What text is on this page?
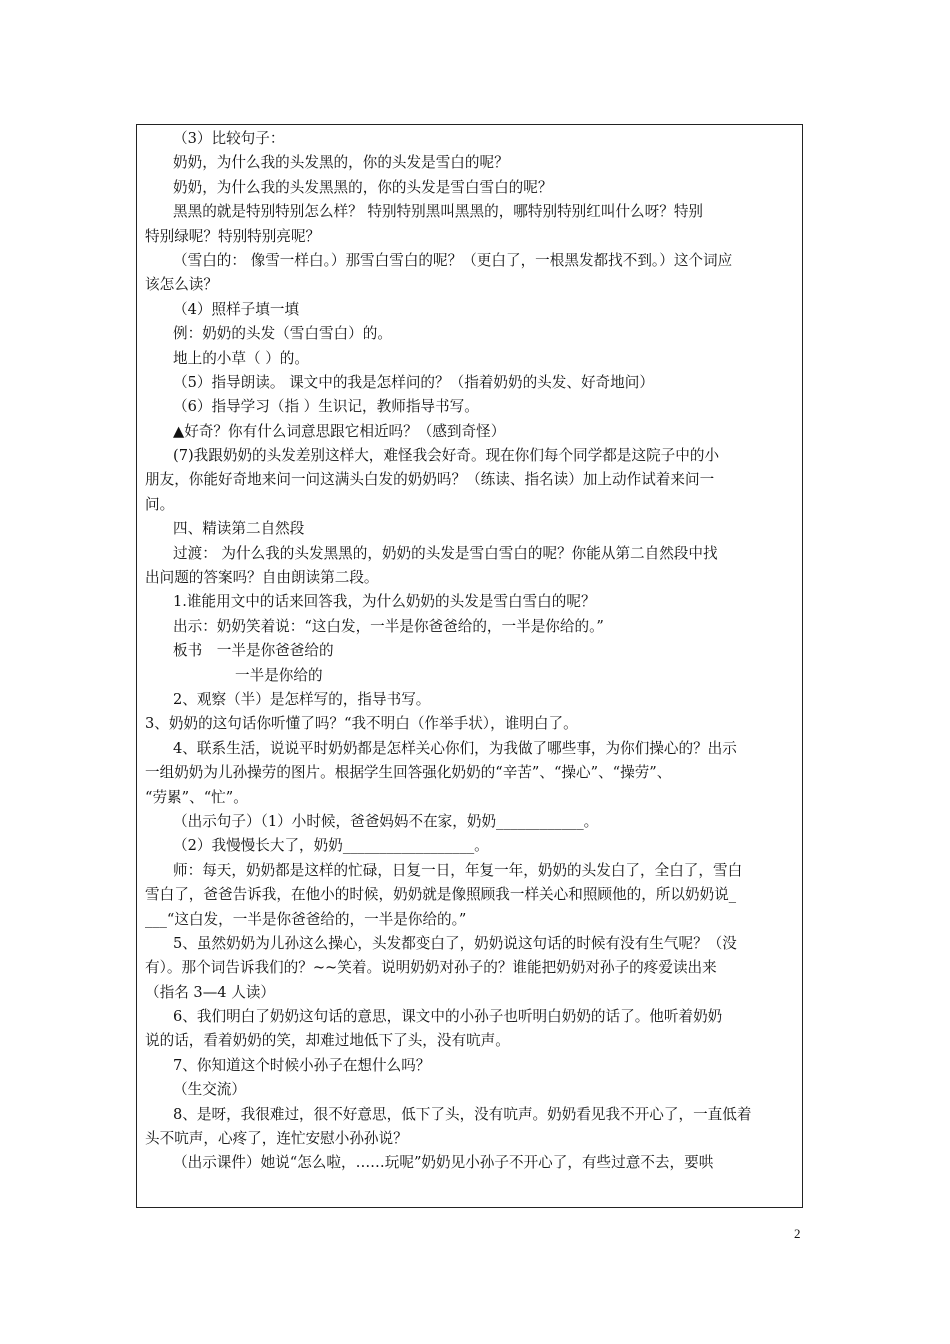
（3）比较句子：
奶奶，为什么我的头发黑的，你的头发是雪白的呢？
奶奶，为什么我的头发黑黑的，你的头发是雪白雪白的呢？
黑黑的就是特别特别怎么样？ 特别特别黑叫黑黑的，哪特别特别红叫什么呀？特别
特别绿呢？特别特别亮呢？
（雪白的： 像雪一样白。）那雪白雪白的呢？（更白了，一根黑发都找不到。）这个词应
该怎么读？
（4）照样子填一填
例：奶奶的头发（雪白雪白）的。
地上的小草（ ）的。
（5）指导朗读。 课文中的我是怎样问的？（指着奶奶的头发、好奇地问）
（6）指导学习（指 ）生识记，教师指导书写。
▲好奇？你有什么词意思跟它相近吗？（感到奇怪）
(7)我跟奶奶的头发差别这样大，难怪我会好奇。现在你们每个同学都是这院子中的小
朋友，你能好奇地来问一问这满头白发的奶奶吗？（练读、指名读）加上动作试着来问一
问。
四、精读第二自然段
过渡： 为什么我的头发黑黑的，奶奶的头发是雪白雪白的呢？你能从第二自然段中找
出问题的答案吗？自由朗读第二段。
1.谁能用文中的话来回答我，为什么奶奶的头发是雪白雪白的呢？
出示：奶奶笑着说：“这白发，一半是你爸爸给的，一半是你给的。”
板书　一半是你爸爸给的
一半是你给的
2、观察（半）是怎样写的，指导书写。
3、奶奶的这句话你听懂了吗？“我不明白（作举手状），谁明白了。
4、联系生活，说说平时奶奶都是怎样关心你们，为我做了哪些事，为你们操心的？出示
一组奶奶为儿孙操劳的图片。根据学生回答强化奶奶的“辛苦”、“操心”、“操劳”、
“劳累”、“忙”。
（出示句子）（1）小时候，爸爸妈妈不在家，奶奶____________。
（2）我慢慢长大了，奶奶__________________。
师：每天，奶奶都是这样的忙碌，日复一日，年复一年，奶奶的头发白了，全白了，雪白
雪白了，爸爸告诉我，在他小的时候，奶奶就是像照顾我一样关心和照顾他的，所以奶奶说_
___“这白发，一半是你爸爸给的，一半是你给的。”
5、虽然奶奶为儿孙这么操心，头发都变白了，奶奶说这句话的时候有没有生气呢？（没
有）。那个词告诉我们的？~~笑着。说明奶奶对孙子的？谁能把奶奶对孙子的疼爱读出来
（指名 3—4 人读）
6、我们明白了奶奶这句话的意思，课文中的小孙子也听明白奶奶的话了。他听着奶奶
说的话，看着奶奶的笑，却难过地低下了头，没有吭声。
7、你知道这个时候小孙子在想什么吗？
（生交流）
8、是呀，我很难过，很不好意思，低下了头，没有吭声。奶奶看见我不开心了，一直低着
头不吭声，心疼了，连忙安慰小孙孙说？
（出示课件）她说“怎么啦，……玩呢”奶奶见小孙子不开心了，有些过意不去，要哄
2
